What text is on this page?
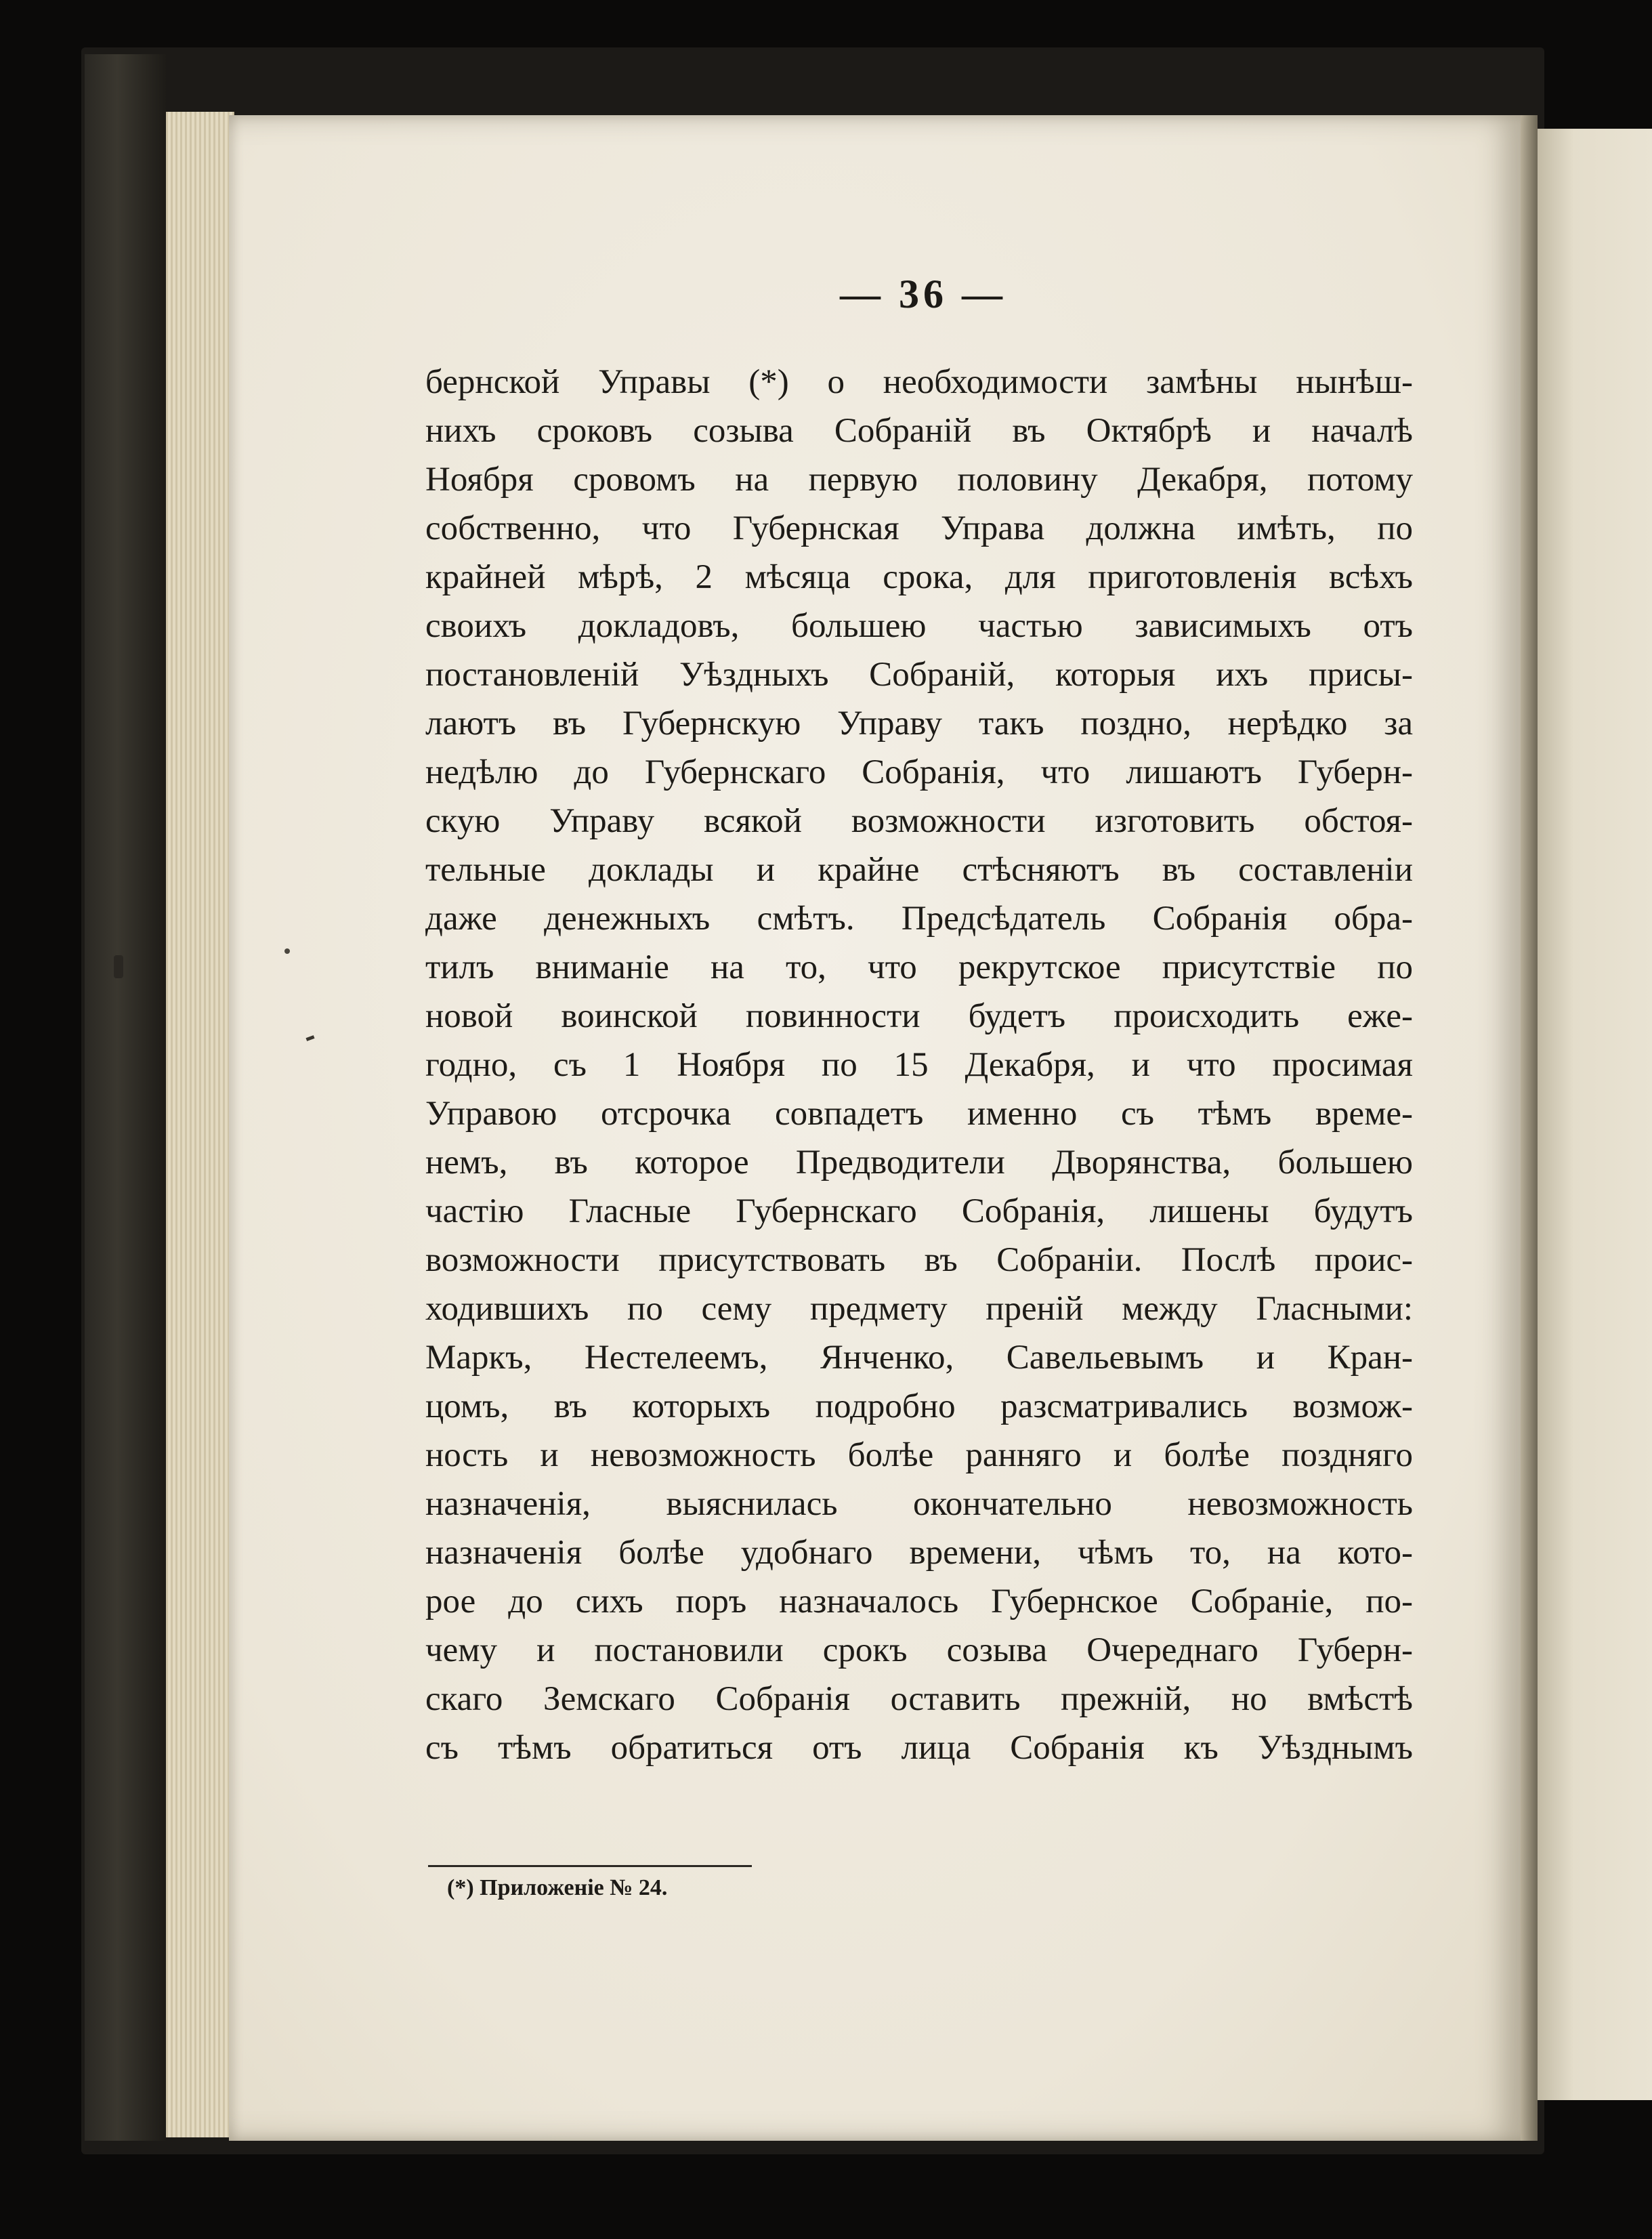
— 36 —
бернской Управы (*) о необходимости замѣны нынѣш-
нихъ сроковъ созыва Собраній въ Октябрѣ и началѣ
Ноября сровомъ на первую половину Декабря, потому
собственно, что Губернская Управа должна имѣть, по
крайней мѣрѣ, 2 мѣсяца срока, для приготовленія всѣхъ
своихъ докладовъ, большею частью зависимыхъ отъ
постановленій Уѣздныхъ Собраній, которыя ихъ присы-
лаютъ въ Губернскую Управу такъ поздно, нерѣдко за
недѣлю до Губернскаго Собранія, что лишаютъ Губерн-
скую Управу всякой возможности изготовить обстоя-
тельные доклады и крайне стѣсняютъ въ составленіи
даже денежныхъ смѣтъ. Предсѣдатель Собранія обра-
тилъ вниманіе на то, что рекрутское присутствіе по
новой воинской повинности будетъ происходить еже-
годно, съ 1 Ноября по 15 Декабря, и что просимая
Управою отсрочка совпадетъ именно съ тѣмъ време-
немъ, въ которое Предводители Дворянства, большею
частію Гласные Губернскаго Собранія, лишены будутъ
возможности присутствовать въ Собраніи. Послѣ проис-
ходившихъ по сему предмету преній между Гласными:
Маркъ, Нестелеемъ, Янченко, Савельевымъ и Кран-
цомъ, въ которыхъ подробно разсматривались возмож-
ность и невозможность болѣе ранняго и болѣе поздняго
назначенія, выяснилась окончательно невозможность
назначенія болѣе удобнаго времени, чѣмъ то, на кото-
рое до сихъ поръ назначалось Губернское Собраніе, по-
чему и постановили срокъ созыва Очереднаго Губерн-
скаго Земскаго Собранія оставить прежній, но вмѣстѣ
съ тѣмъ обратиться отъ лица Собранія къ Уѣзднымъ
(*) Приложеніе № 24.
